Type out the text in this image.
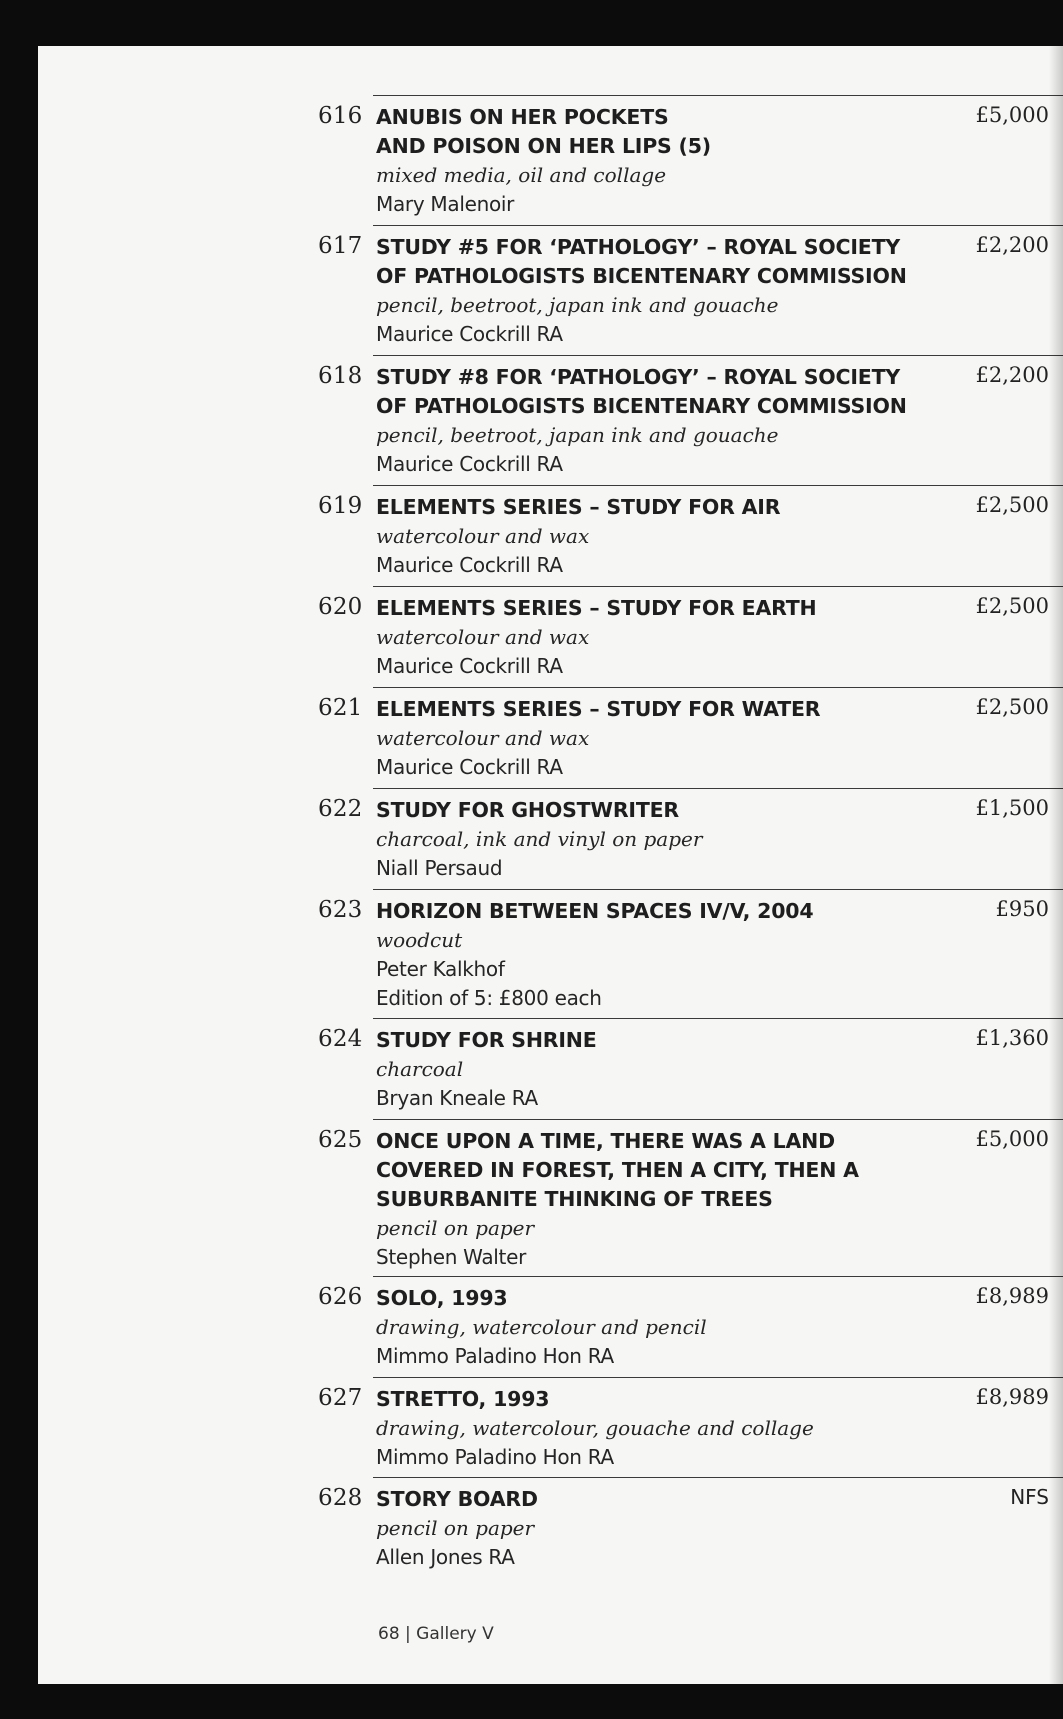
616 ANUBIS ON HER POCKETS
AND POISON ON HER LIPS (5)
mixed media, oil and collage
Mary Malenoir
£5,000
617 STUDY #5 FOR ‘PATHOLOGY’ – ROYAL SOCIETY
OF PATHOLOGISTS BICENTENARY COMMISSION
pencil, beetroot, japan ink and gouache
Maurice Cockrill RA
£2,200
618 STUDY #8 FOR ‘PATHOLOGY’ – ROYAL SOCIETY
OF PATHOLOGISTS BICENTENARY COMMISSION
pencil, beetroot, japan ink and gouache
Maurice Cockrill RA
£2,200
619 ELEMENTS SERIES – STUDY FOR AIR
watercolour and wax
Maurice Cockrill RA
£2,500
620 ELEMENTS SERIES – STUDY FOR EARTH
watercolour and wax
Maurice Cockrill RA
£2,500
621 ELEMENTS SERIES – STUDY FOR WATER
watercolour and wax
Maurice Cockrill RA
£2,500
622 STUDY FOR GHOSTWRITER
charcoal, ink and vinyl on paper
Niall Persaud
£1,500
623 HORIZON BETWEEN SPACES IV/V, 2004
woodcut
Peter Kalkhof
Edition of 5: £800 each
£950
624 STUDY FOR SHRINE
charcoal
Bryan Kneale RA
£1,360
625 ONCE UPON A TIME, THERE WAS A LAND
COVERED IN FOREST, THEN A CITY, THEN A
SUBURBANITE THINKING OF TREES
pencil on paper
Stephen Walter
£5,000
626 SOLO, 1993
drawing, watercolour and pencil
Mimmo Paladino Hon RA
£8,989
627 STRETTO, 1993
drawing, watercolour, gouache and collage
Mimmo Paladino Hon RA
£8,989
628 STORY BOARD
pencil on paper
Allen Jones RA
NFS
68 | Gallery V
